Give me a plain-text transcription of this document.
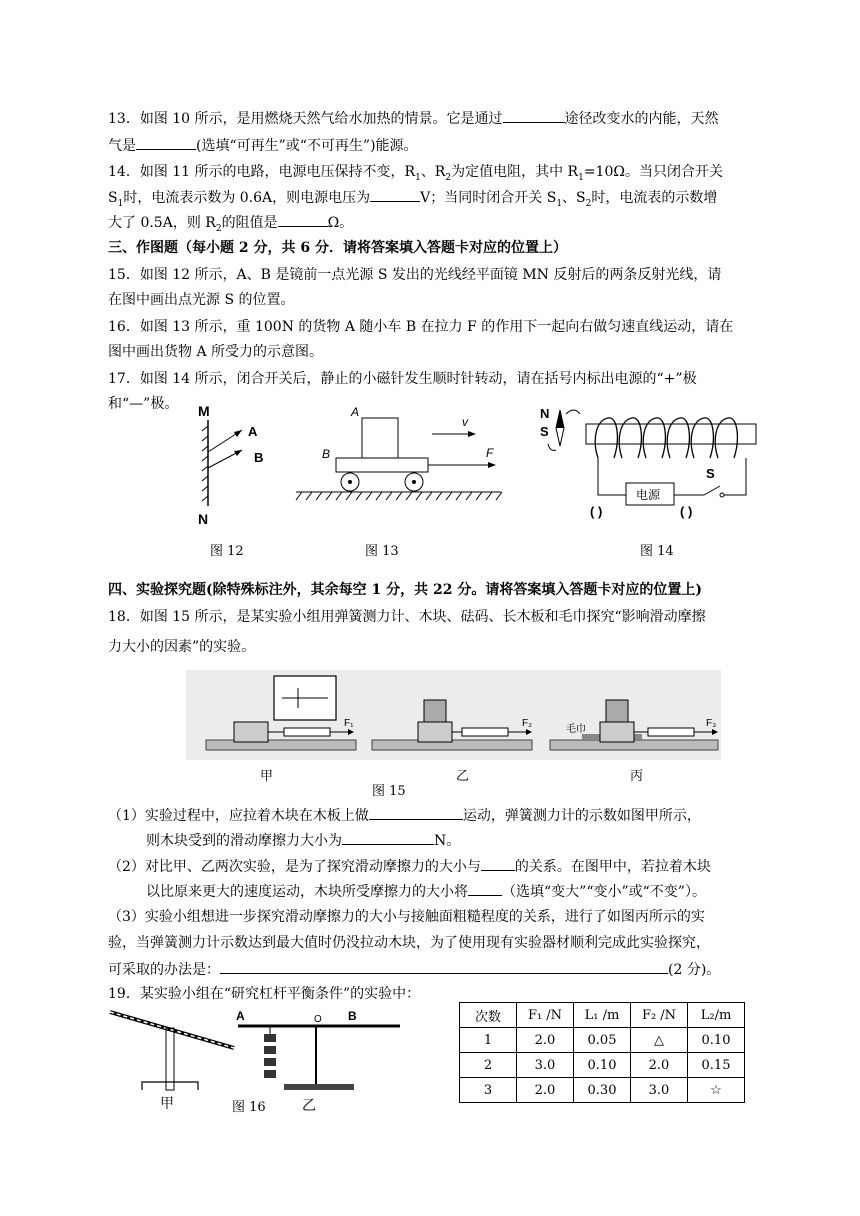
13．如图 10 所示，是用燃烧天然气给水加热的情景。它是通过	途径改变水的内能，天然
气是	(选填“可再生”或“不可再生”)能源。
14．如图 11 所示的电路，电源电压保持不变，$R_1$、$R_2$为定值电阻，其中 $R_1=10\Omega$。当只闭合开关
$S_1$时，电流表示数为 0.6A，则电源电压为	V；当同时闭合开关 $S_1$、$S_2$时，电流表的示数增
大了 0.5A，则 $R_2$的阻值是	Ω。
三、作图题（每小题 2 分，共 6 分．请将答案填入答题卡对应的位置上）
15．如图 12 所示，A、B 是镜前一点光源 S 发出的光线经平面镜 MN 反射后的两条反射光线，请
在图中画出点光源 S 的位置。
16．如图 13 所示，重 100N 的货物 A 随小车 B 在拉力 F 的作用下一起向右做匀速直线运动，请在
图中画出货物 A 所受力的示意图。
17．如图 14 所示，闭合开关后，静止的小磁针发生顺时针转动，请在括号内标出电源的“+”极
和“—”极。 M
A
B
N
图 12
A
B
v
F
图 13
N
S
电源
S
( )	( )
图 14
四、实验探究题(除特殊标注外，其余每空 1 分，共 22 分。请将答案填入答题卡对应的位置上)
18．如图 15 所示，是某实验小组用弹簧测力计、木块、砝码、长木板和毛巾探究“影响滑动摩擦
力大小的因素”的实验。
F₁	F₂
毛巾
F₃
甲	乙	丙
图 15
（1）实验过程中，应拉着木块在木板上做	运动，弹簧测力计的示数如图甲所示，
则木块受到的滑动摩擦力大小为	N。
（2）对比甲、乙两次实验，是为了探究滑动摩擦力的大小与 的关系。在图甲中，若拉着木块
以比原来更大的速度运动，木块所受摩擦力的大小将 （选填“变大”“变小”或“不变”）。
（3）实验小组想进一步探究滑动摩擦力的大小与接触面粗糙程度的关系，进行了如图丙所示的实
验，当弹簧测力计示数达到最大值时仍没拉动木块，为了使用现有实验器材顺利完成此实验探究，
可采取的办法是：	(2 分)。
19．某实验小组在“研究杠杆平衡条件”的实验中：
甲
A	B
O
乙
图 16
次数	F₁ /N	L₁ /m	F₂ /N	L₂/m
1	2.0	0.05	△	0.10
2	3.0	0.10	2.0	0.15
3	2.0	0.30	3.0	☆
